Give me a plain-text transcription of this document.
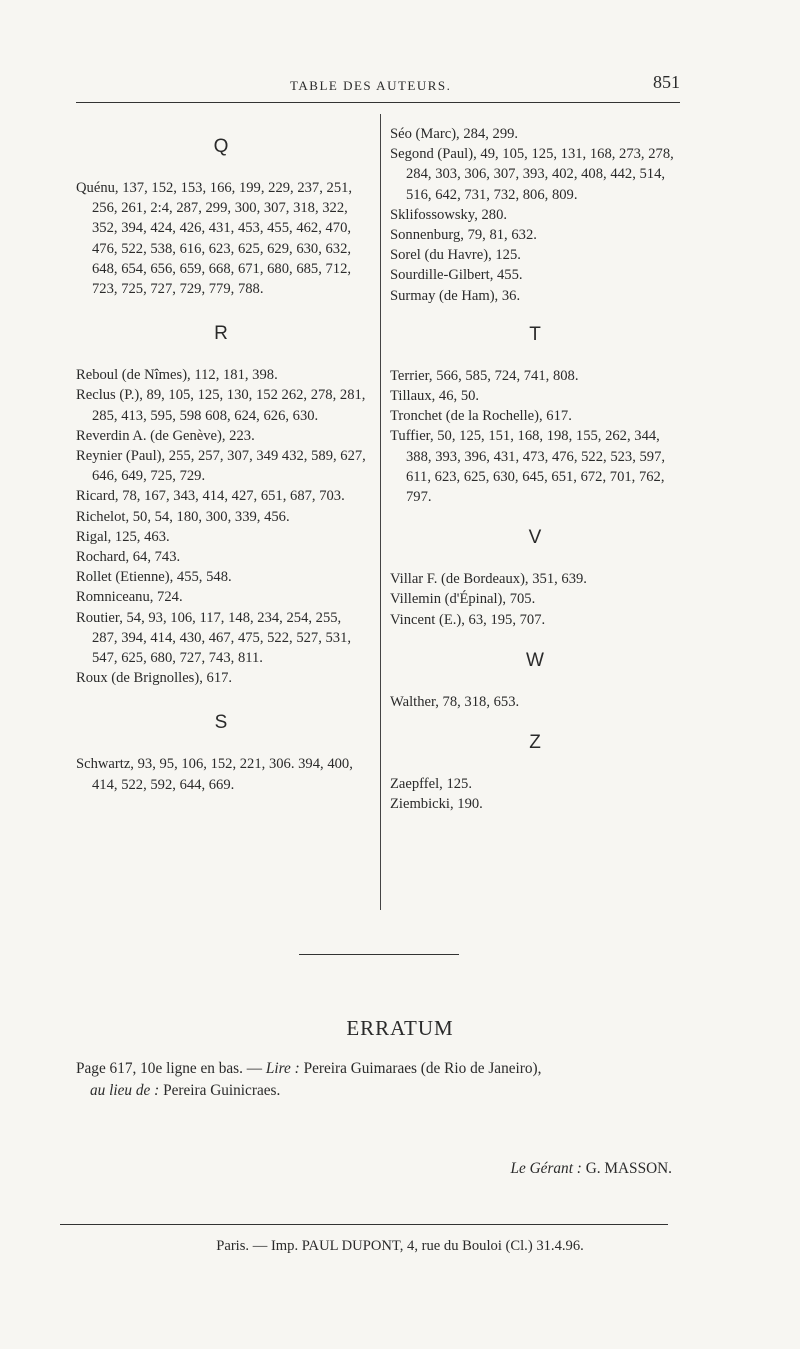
TABLE DES AUTEURS.	851
Q
Quénu, 137, 152, 153, 166, 199, 229, 237, 251, 256, 261, 2:4, 287, 299, 300, 307, 318, 322, 352, 394, 424, 426, 431, 453, 455, 462, 470, 476, 522, 538, 616, 623, 625, 629, 630, 632, 648, 654, 656, 659, 668, 671, 680, 685, 712, 723, 725, 727, 729, 779, 788.
R
Reboul (de Nîmes), 112, 181, 398.
Reclus (P.), 89, 105, 125, 130, 152 262, 278, 281, 285, 413, 595, 598 608, 624, 626, 630.
Reverdin A. (de Genève), 223.
Reynier (Paul), 255, 257, 307, 349 432, 589, 627, 646, 649, 725, 729.
Ricard, 78, 167, 343, 414, 427, 651, 687, 703.
Richelot, 50, 54, 180, 300, 339, 456.
Rigal, 125, 463.
Rochard, 64, 743.
Rollet (Etienne), 455, 548.
Romniceanu, 724.
Routier, 54, 93, 106, 117, 148, 234, 254, 255, 287, 394, 414, 430, 467, 475, 522, 527, 531, 547, 625, 680, 727, 743, 811.
Roux (de Brignolles), 617.
S
Schwartz, 93, 95, 106, 152, 221, 306. 394, 400, 414, 522, 592, 644, 669.
Séo (Marc), 284, 299.
Segond (Paul), 49, 105, 125, 131, 168, 273, 278, 284, 303, 306, 307, 393, 402, 408, 442, 514, 516, 642, 731, 732, 806, 809.
Sklifossowsky, 280.
Sonnenburg, 79, 81, 632.
Sorel (du Havre), 125.
Sourdille-Gilbert, 455.
Surmay (de Ham), 36.
T
Terrier, 566, 585, 724, 741, 808.
Tillaux, 46, 50.
Tronchet (de la Rochelle), 617.
Tuffier, 50, 125, 151, 168, 198, 155, 262, 344, 388, 393, 396, 431, 473, 476, 522, 523, 597, 611, 623, 625, 630, 645, 651, 672, 701, 762, 797.
V
Villar F. (de Bordeaux), 351, 639.
Villemin (d'Épinal), 705.
Vincent (E.), 63, 195, 707.
W
Walther, 78, 318, 653.
Z
Zaepffel, 125.
Ziembicki, 190.
ERRATUM
Page 617, 10e ligne en bas. — Lire : Pereira Guimaraes (de Rio de Janeiro),
au lieu de : Pereira Guinicraes.
Le Gérant : G. MASSON.
Paris. — Imp. PAUL DUPONT, 4, rue du Bouloi (Cl.) 31.4.96.
